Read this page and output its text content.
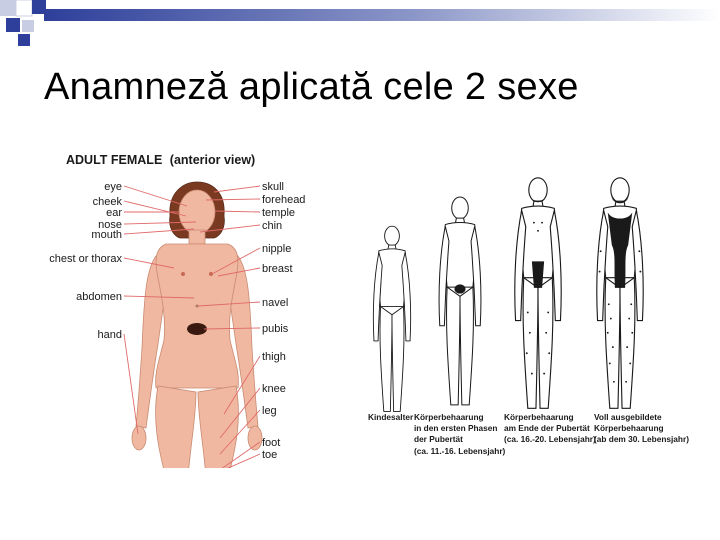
Anamneză aplicată cele 2 sexe
ADULT FEMALE (anterior view)
eye
cheek
ear
nose
mouth
chest or thorax
abdomen
hand
skull
forehead
temple
chin
nipple
breast
navel
pubis
thigh
knee
leg
foot
toe
Kindesalter Körperbehaarung
in den ersten Phasen
der Pubertät
(ca. 11.-16. Lebensjahr)
Körperbehaarung
am Ende der Pubertät
(ca. 16.-20. Lebensjahr)
Voll ausgebildete
Körperbehaarung
(ab dem 30. Lebensjahr)
